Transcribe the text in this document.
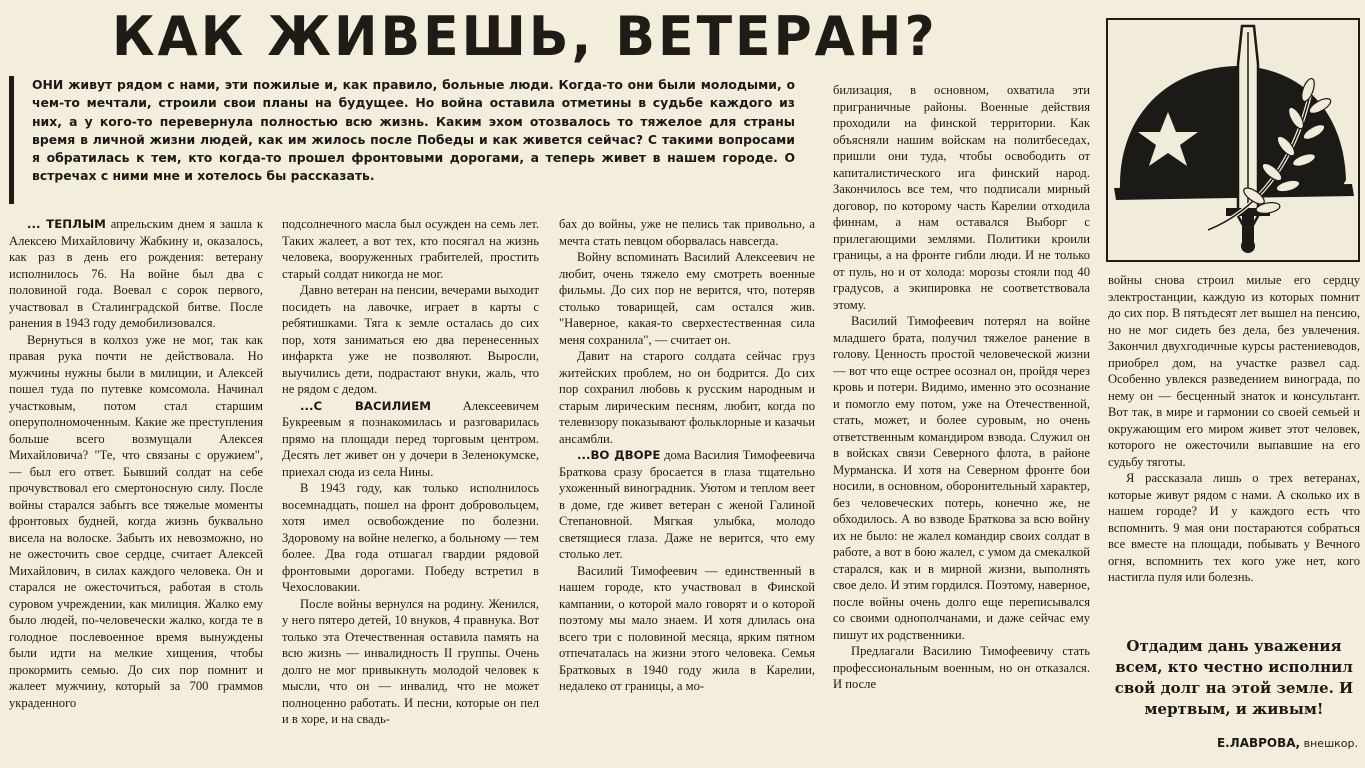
КАК ЖИВЕШЬ, ВЕТЕРАН?
ОНИ живут рядом с нами, эти пожилые и, как правило, больные люди. Когда-то они были молодыми, о чем-то мечтали, строили свои планы на будущее. Но война оставила отметины в судьбе каждого из них, а у кого-то перевернула полностью всю жизнь. Каким эхом отозвалось то тяжелое для страны время в личной жизни людей, как им жилось после Победы и как живется сейчас? С такими вопросами я обратилась к тем, кто когда-то прошел фронтовыми дорогами, а теперь живет в нашем городе. О встречах с ними мне и хотелось бы рассказать.

... ТЕПЛЫМ апрельским днем я зашла к Алексею Михайловичу Жабкину и, оказалось, как раз в день его рождения: ветерану исполнилось 76. На войне был два с половиной года. Воевал с сорок первого, участвовал в Сталинградской битве. После ранения в 1943 году демобилизовался.

Вернуться в колхоз уже не мог, так как правая рука почти не действовала. Но мужчины нужны были в милиции, и Алексей пошел туда по путевке комсомола. Начинал участковым, потом стал старшим оперуполномоченным. Какие же преступления больше всего возмущали Алексея Михайловича? "Те, что связаны с оружием", — был его ответ. Бывший солдат на себе прочувствовал его смертоносную силу. После войны старался забыть все тяжелые моменты фронтовых будней, когда жизнь буквально висела на волоске. Забыть их невозможно, но не ожесточить свое сердце, считает Алексей Михайлович, в силах каждого человека. Он и старался не ожесточиться, работая в столь суровом учреждении, как милиция. Жалко ему было людей, по-человечески жалко, когда те в голодное послевоенное время вынуждены были идти на мелкие хищения, чтобы прокормить семью. До сих пор помнит и жалеет мужчину, который за 700 граммов украденного

подсолнечного масла был осужден на семь лет. Таких жалеет, а вот тех, кто посягал на жизнь человека, вооруженных грабителей, простить старый солдат никогда не мог.

Давно ветеран на пенсии, вечерами выходит посидеть на лавочке, играет в карты с ребятишками. Тяга к земле осталась до сих пор, хотя заниматься ею два перенесенных инфаркта уже не позволяют. Выросли, выучились дети, подрастают внуки, жаль, что не рядом с дедом.

...С ВАСИЛИЕМ Алексеевичем Букреевым я познакомилась и разговарилась прямо на площади перед торговым центром. Десять лет живет он у дочери в Зеленокумске, приехал сюда из села Нины.

В 1943 году, как только исполнилось восемнадцать, пошел на фронт добровольцем, хотя имел освобождение по болезни. Здоровому на войне нелегко, а больному — тем более. Два года отшагал гвардии рядовой фронтовыми дорогами. Победу встретил в Чехословакии.

После войны вернулся на родину. Женился, у него пятеро детей, 10 внуков, 4 правнука. Вот только эта Отечественная оставила память на всю жизнь — инвалидность II группы. Очень долго не мог привыкнуть молодой человек к мысли, что он — инвалид, что не может полноценно работать. И песни, которые он пел и в хоре, и на свадь-

бах до войны, уже не пелись так привольно, а мечта стать певцом оборвалась навсегда.

Войну вспоминать Василий Алексеевич не любит, очень тяжело ему смотреть военные фильмы. До сих пор не верится, что, потеряв столько товарищей, сам остался жив. "Наверное, какая-то сверхестественная сила меня сохранила", — считает он.

Давит на старого солдата сейчас груз житейских проблем, но он бодрится. До сих пор сохранил любовь к русским народным и старым лирическим песням, любит, когда по телевизору показывают фольклорные и казачьи ансамбли.

...ВО ДВОРЕ дома Василия Тимофеевича Браткова сразу бросается в глаза тщательно ухоженный виноградник. Уютом и теплом веет в доме, где живет ветеран с женой Галиной Степановной. Мягкая улыбка, молодо светящиеся глаза. Даже не верится, что ему столько лет.

Василий Тимофеевич — единственный в нашем городе, кто участвовал в Финской кампании, о которой мало говорят и о которой поэтому мы мало знаем. И хотя длилась она всего три с половиной месяца, ярким пятном отпечаталась на жизни этого человека. Семья Братковых в 1940 году жила в Карелии, недалеко от границы, а мо-

билизация, в основном, охватила эти приграничные районы. Военные действия проходили на финской территории. Как объясняли нашим войскам на политбеседах, пришли они туда, чтобы освободить от капиталистического ига финский народ. Закончилось все тем, что подписали мирный договор, по которому часть Карелии отходила финнам, а нам оставался Выборг с прилегающими землями. Политики кроили границы, а на фронте гибли люди. И не только от пуль, но и от холода: морозы стояли под 40 градусов, а экипировка не соответствовала этому.

Василий Тимофеевич потерял на войне младшего брата, получил тяжелое ранение в голову. Ценность простой человеческой жизни — вот что еще острее осознал он, пройдя через кровь и потери. Видимо, именно это осознание и помогло ему потом, уже на Отечественной, стать, может, и более суровым, но очень ответственным командиром взвода. Служил он в войсках связи Северного флота, в районе Мурманска. И хотя на Северном фронте бои носили, в основном, оборонительный характер, без человеческих потерь, конечно же, не обходилось. А во взводе Браткова за всю войну их не было: не жалел командир своих солдат в работе, а вот в бою жалел, с умом да смекалкой старался, как и в мирной жизни, выполнять свое дело. И этим гордился. Поэтому, наверное, после войны очень долго еще переписывался со своими однополчанами, и даже сейчас ему пишут их родственники.

Предлагали Василию Тимофеевичу стать профессиональным военным, но он отказался. И после

войны снова строил милые его сердцу электростанции, каждую из которых помнит до сих пор. В пятьдесят лет вышел на пенсию, но не мог сидеть без дела, без увлечения. Закончил двухгодичные курсы растениеводов, приобрел дом, на участке развел сад. Особенно увлекся разведением винограда, по нему он — бесценный знаток и консультант. Вот так, в мире и гармонии со своей семьей и окружающим его миром живет этот человек, которого не ожесточили выпавшие на его судьбу тяготы.

Я рассказала лишь о трех ветеранах, которые живут рядом с нами. А сколько их в нашем городе? И у каждого есть что вспомнить. 9 мая они постараются собраться все вместе на площади, побывать у Вечного огня, вспомнить тех кого уже нет, кого настигла пуля или болезнь.

Отдадим дань уважения всем, кто честно исполнил свой долг на этой земле. И мертвым, и живым!
Е.ЛАВРОВА, внешкор.
